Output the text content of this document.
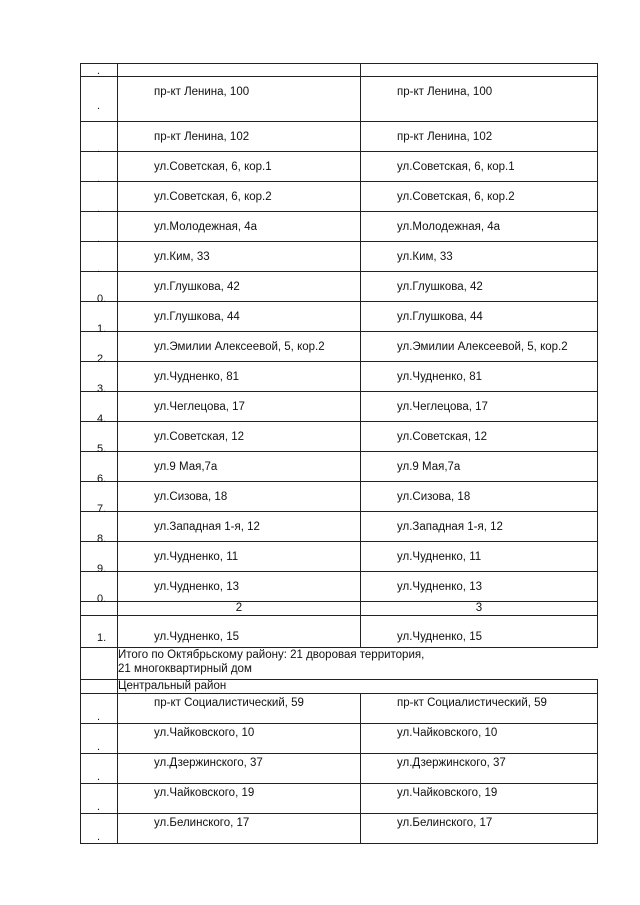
.		

.	пр-кт Ленина, 100	пр-кт Ленина, 100

.	пр-кт Ленина, 102	пр-кт Ленина, 102

.	ул.Советская, 6, кор.1	ул.Советская, 6, кор.1

.	ул.Советская, 6, кор.2	ул.Советская, 6, кор.2

.	ул.Молодежная, 4а	ул.Молодежная, 4а

.	ул.Ким, 33	ул.Ким, 33

0.	ул.Глушкова, 42	ул.Глушкова, 42

1.	ул.Глушкова, 44	ул.Глушкова, 44

2.	ул.Эмилии Алексеевой, 5, кор.2	ул.Эмилии Алексеевой, 5, кор.2

3.	ул.Чудненко, 81	ул.Чудненко, 81

4.	ул.Чеглецова, 17	ул.Чеглецова, 17

5.	ул.Советская, 12	ул.Советская, 12

6.	ул.9 Мая,7а	ул.9 Мая,7а

7.	ул.Сизова, 18	ул.Сизова, 18

8.	ул.Западная 1-я, 12	ул.Западная 1-я, 12

9.	ул.Чудненко, 11	ул.Чудненко, 11

0.	ул.Чудненко, 13	ул.Чудненко, 13

	2	3

1.	ул.Чудненко, 15	ул.Чудненко, 15

	Итого по Октябрьскому району: 21 дворовая территория,
21 многоквартирный дом	

	Центральный район	

.	пр-кт Социалистический, 59	пр-кт Социалистический, 59

.	ул.Чайковского, 10	ул.Чайковского, 10

.	ул.Дзержинского, 37	ул.Дзержинского, 37

.	ул.Чайковского, 19	ул.Чайковского, 19

.	ул.Белинского, 17	ул.Белинского, 17
